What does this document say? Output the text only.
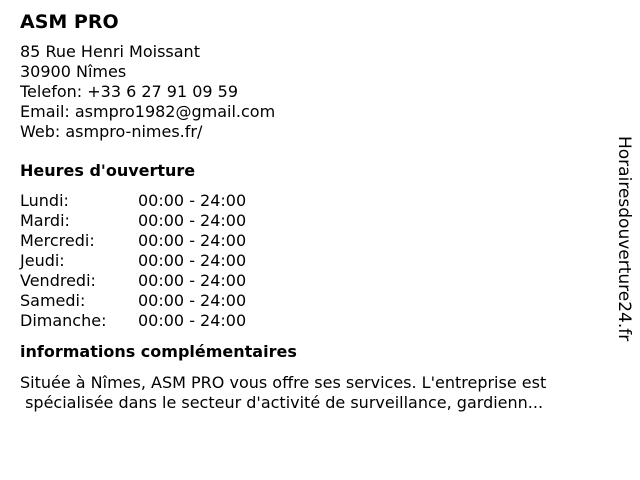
ASM PRO
85 Rue Henri Moissant
30900 Nîmes
Telefon: +33 6 27 91 09 59
Email: asmpro1982@gmail.com
Web: asmpro-nimes.fr/
Heures d'ouverture
Lundi:	00:00 - 24:00
Mardi:	00:00 - 24:00
Mercredi:	00:00 - 24:00
Jeudi:	00:00 - 24:00
Vendredi:	00:00 - 24:00
Samedi:	00:00 - 24:00
Dimanche:	00:00 - 24:00
informations complémentaires
Située à Nîmes, ASM PRO vous offre ses services. L'entreprise est
spécialisée dans le secteur d'activité de surveillance, gardienn...
Horairesdouverture24.fr
